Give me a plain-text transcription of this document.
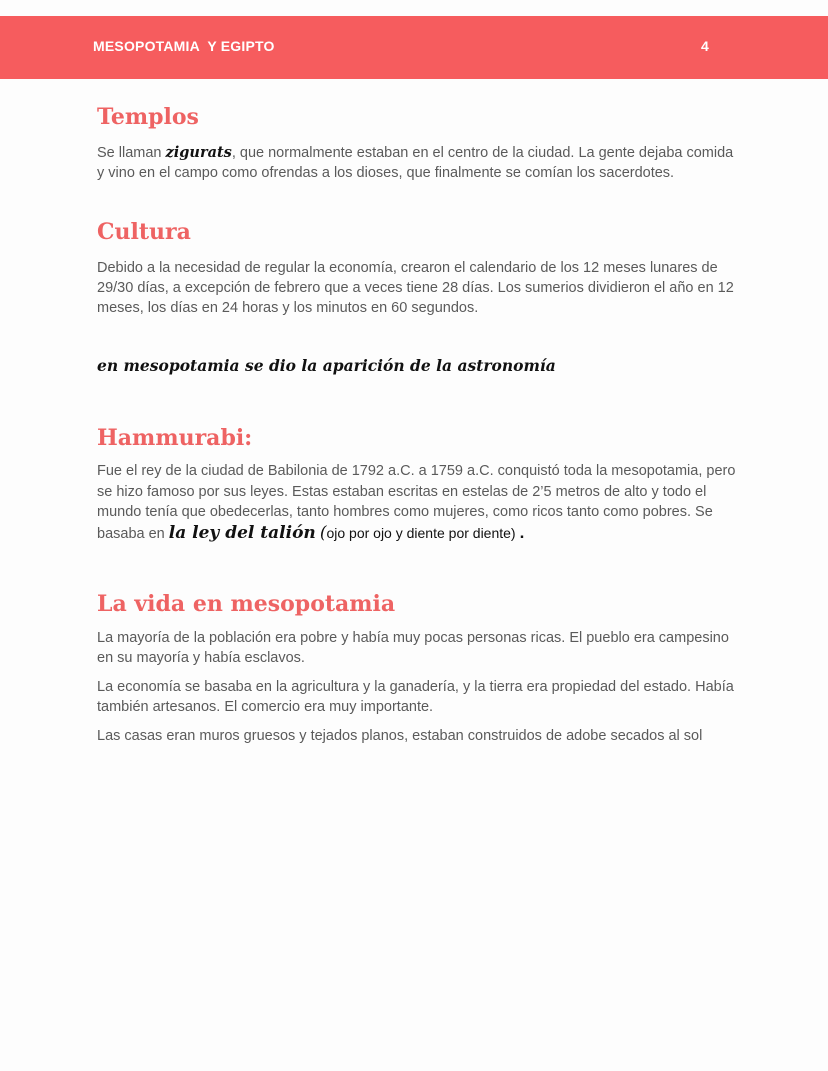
MESOPOTAMIA  Y EGIPTO	4
Templos

Se llaman zigurats, que normalmente estaban en el centro de la ciudad. La gente dejaba comida y vino en el campo como ofrendas a los dioses, que finalmente se comían los sacerdotes.

Cultura

Debido a la necesidad de regular la economía, crearon el calendario de los 12 meses lunares de 29/30 días, a excepción de febrero que a veces tiene 28 días. Los sumerios dividieron el año en 12 meses, los días en 24 horas y los minutos en 60 segundos.

en mesopotamia se dio la aparición de la astronomía

Hammurabi:

Fue el rey de la ciudad de Babilonia de 1792 a.C. a 1759 a.C. conquistó toda la mesopotamia, pero se hizo famoso por sus leyes. Estas estaban escritas en estelas de 2’5 metros de alto y todo el mundo tenía que obedecerlas, tanto hombres como mujeres, como ricos tanto como pobres. Se basaba en la ley del talión (ojo por ojo y diente por diente) .

La vida en mesopotamia

La mayoría de la población era pobre y había muy pocas personas ricas. El pueblo era campesino en su mayoría y había esclavos.

La economía se basaba en la agricultura y la ganadería, y la tierra era propiedad del estado. Había también artesanos. El comercio era muy importante.

Las casas eran muros gruesos y tejados planos, estaban construidos de adobe secados al sol
